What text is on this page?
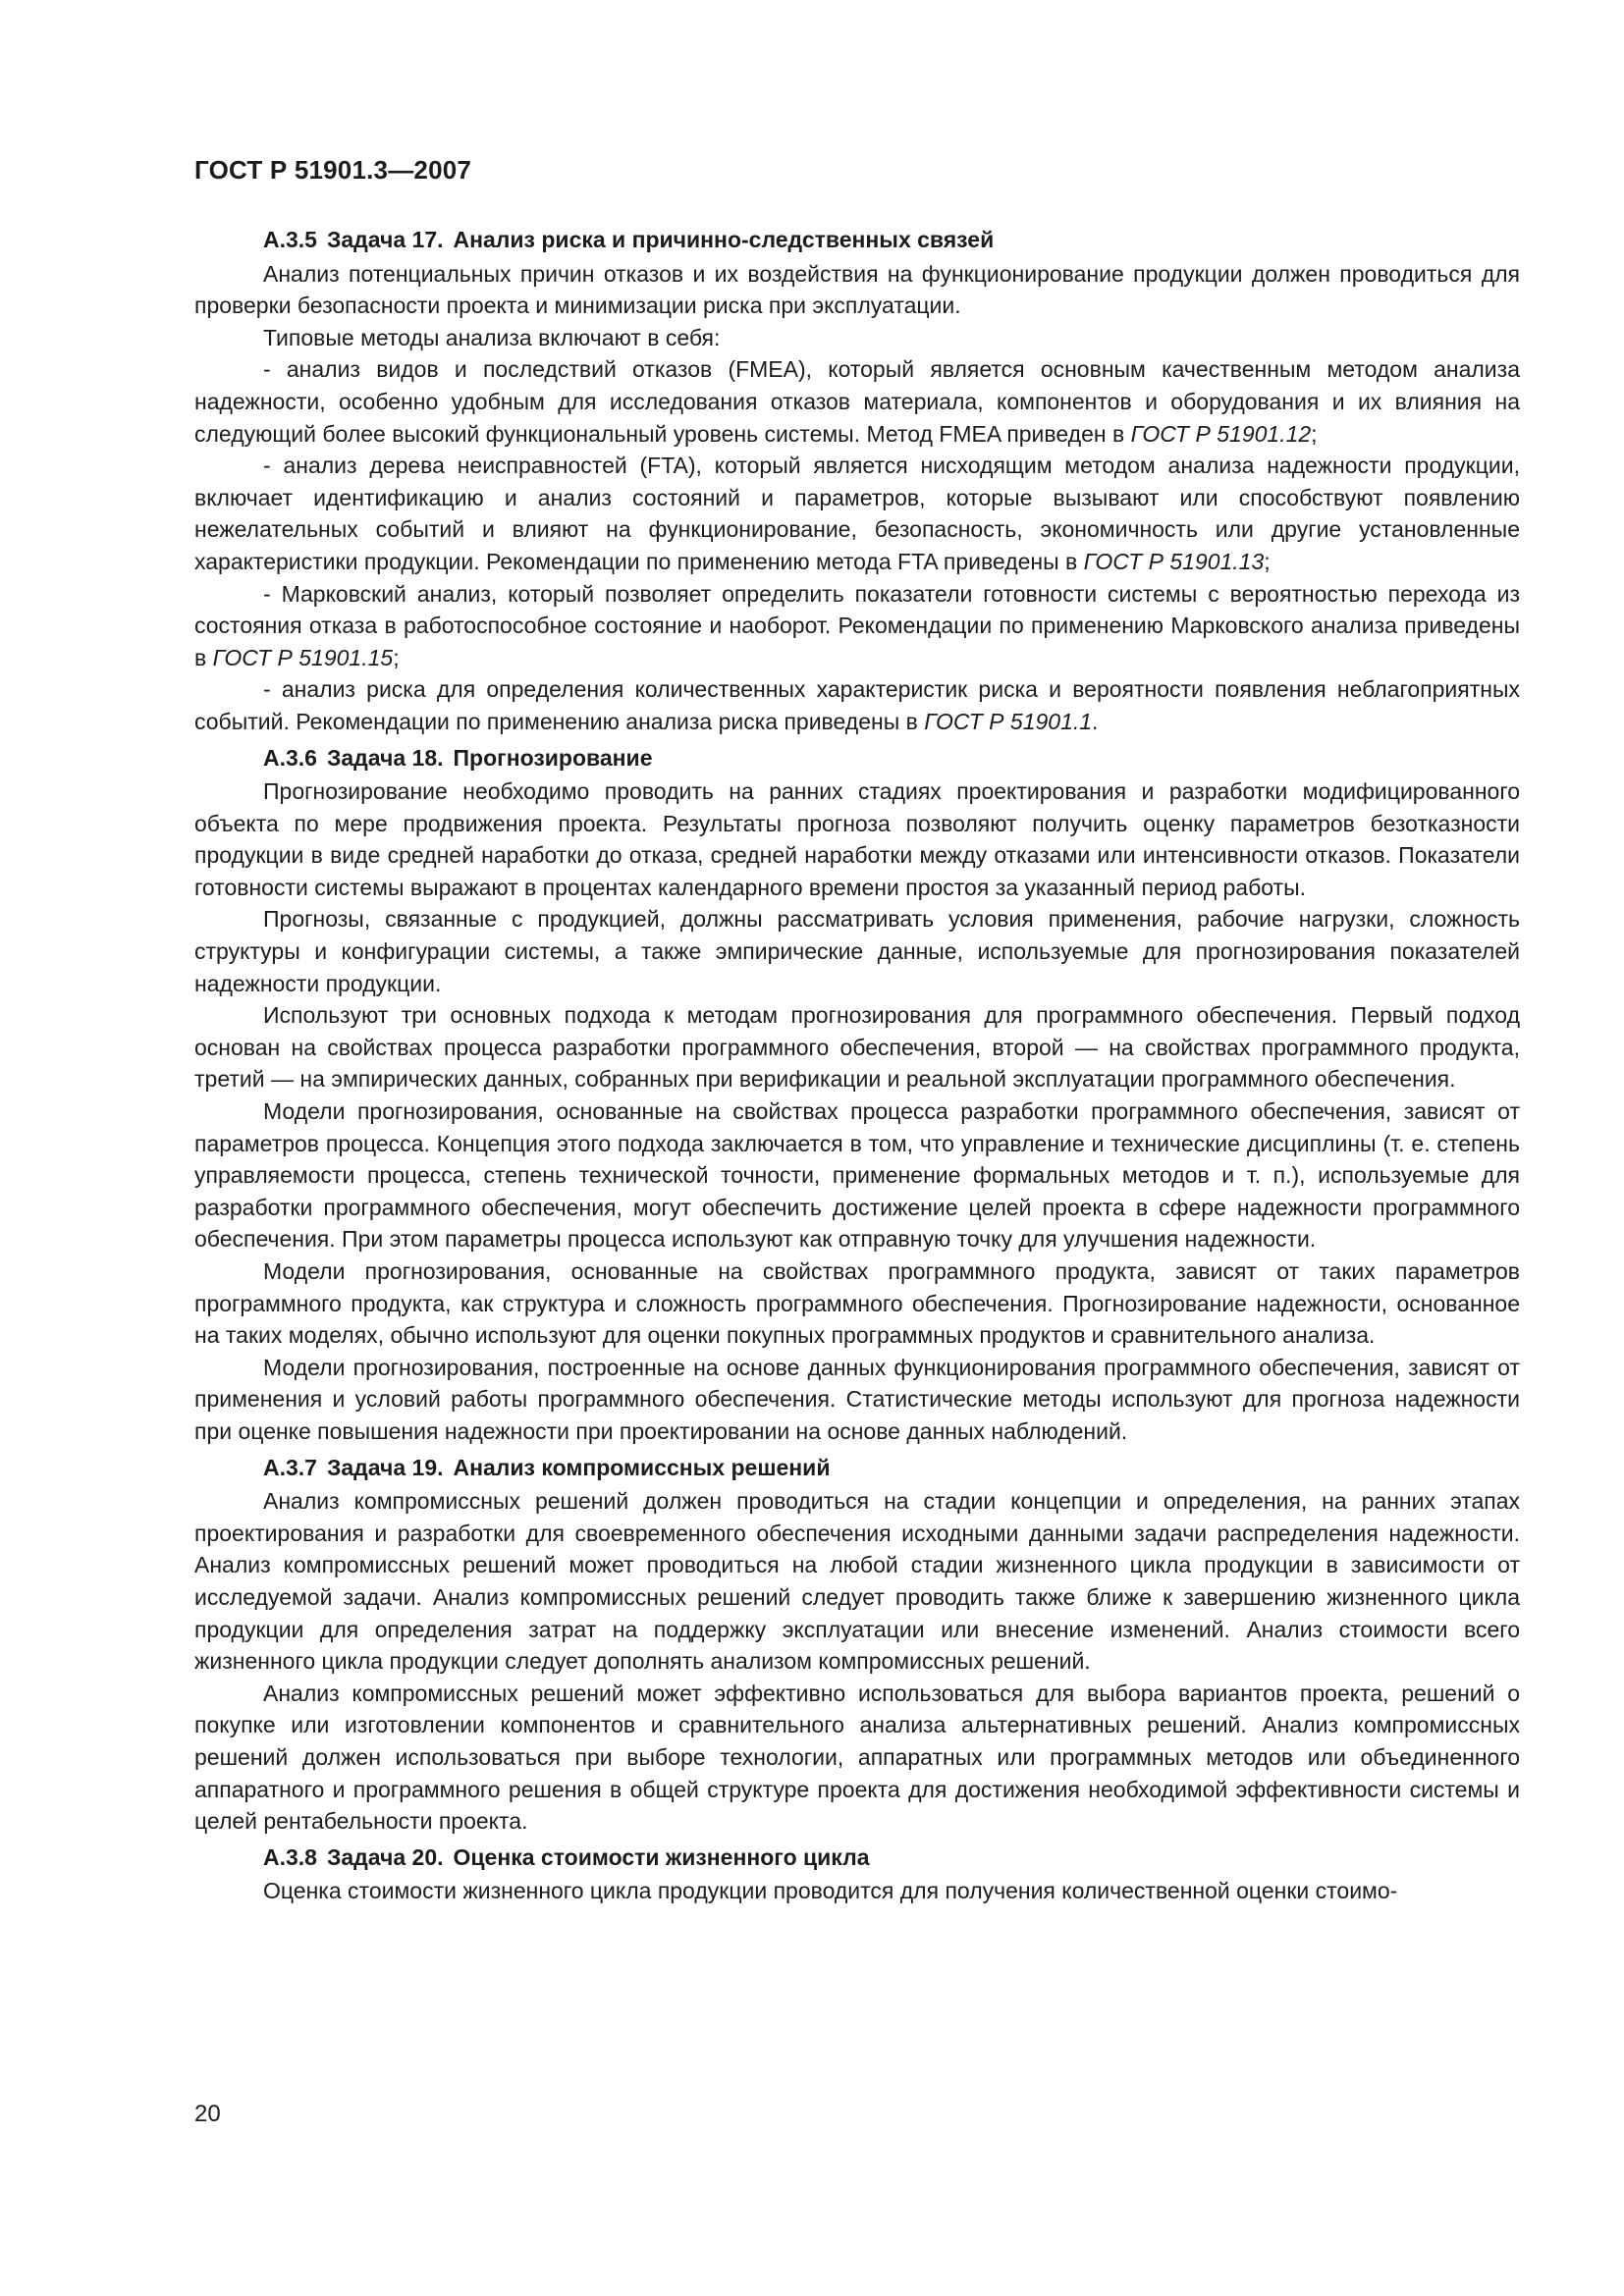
ГОСТ Р 51901.3—2007
А.3.5 Задача 17. Анализ риска и причинно-следственных связей

Анализ потенциальных причин отказов и их воздействия на функционирование продукции должен проводиться для проверки безопасности проекта и минимизации риска при эксплуатации.

Типовые методы анализа включают в себя:

- анализ видов и последствий отказов (FMEA), который является основным качественным методом анализа надежности, особенно удобным для исследования отказов материала, компонентов и оборудования и их влияния на следующий более высокий функциональный уровень системы. Метод FMEA приведен в ГОСТ Р 51901.12;

- анализ дерева неисправностей (FTA), который является нисходящим методом анализа надежности продукции, включает идентификацию и анализ состояний и параметров, которые вызывают или способствуют появлению нежелательных событий и влияют на функционирование, безопасность, экономичность или другие установленные характеристики продукции. Рекомендации по применению метода FTA приведены в ГОСТ Р 51901.13;

- Марковский анализ, который позволяет определить показатели готовности системы с вероятностью перехода из состояния отказа в работоспособное состояние и наоборот. Рекомендации по применению Марковского анализа приведены в ГОСТ Р 51901.15;

- анализ риска для определения количественных характеристик риска и вероятности появления неблагоприятных событий. Рекомендации по применению анализа риска приведены в ГОСТ Р 51901.1.

А.3.6 Задача 18. Прогнозирование

Прогнозирование необходимо проводить на ранних стадиях проектирования и разработки модифицированного объекта по мере продвижения проекта. Результаты прогноза позволяют получить оценку параметров безотказности продукции в виде средней наработки до отказа, средней наработки между отказами или интенсивности отказов. Показатели готовности системы выражают в процентах календарного времени простоя за указанный период работы.

Прогнозы, связанные с продукцией, должны рассматривать условия применения, рабочие нагрузки, сложность структуры и конфигурации системы, а также эмпирические данные, используемые для прогнозирования показателей надежности продукции.

Используют три основных подхода к методам прогнозирования для программного обеспечения. Первый подход основан на свойствах процесса разработки программного обеспечения, второй — на свойствах программного продукта, третий — на эмпирических данных, собранных при верификации и реальной эксплуатации программного обеспечения.

Модели прогнозирования, основанные на свойствах процесса разработки программного обеспечения, зависят от параметров процесса. Концепция этого подхода заключается в том, что управление и технические дисциплины (т. е. степень управляемости процесса, степень технической точности, применение формальных методов и т. п.), используемые для разработки программного обеспечения, могут обеспечить достижение целей проекта в сфере надежности программного обеспечения. При этом параметры процесса используют как отправную точку для улучшения надежности.

Модели прогнозирования, основанные на свойствах программного продукта, зависят от таких параметров программного продукта, как структура и сложность программного обеспечения. Прогнозирование надежности, основанное на таких моделях, обычно используют для оценки покупных программных продуктов и сравнительного анализа.

Модели прогнозирования, построенные на основе данных функционирования программного обеспечения, зависят от применения и условий работы программного обеспечения. Статистические методы используют для прогноза надежности при оценке повышения надежности при проектировании на основе данных наблюдений.

А.3.7 Задача 19. Анализ компромиссных решений

Анализ компромиссных решений должен проводиться на стадии концепции и определения, на ранних этапах проектирования и разработки для своевременного обеспечения исходными данными задачи распределения надежности. Анализ компромиссных решений может проводиться на любой стадии жизненного цикла продукции в зависимости от исследуемой задачи. Анализ компромиссных решений следует проводить также ближе к завершению жизненного цикла продукции для определения затрат на поддержку эксплуатации или внесение изменений. Анализ стоимости всего жизненного цикла продукции следует дополнять анализом компромиссных решений.

Анализ компромиссных решений может эффективно использоваться для выбора вариантов проекта, решений о покупке или изготовлении компонентов и сравнительного анализа альтернативных решений. Анализ компромиссных решений должен использоваться при выборе технологии, аппаратных или программных методов или объединенного аппаратного и программного решения в общей структуре проекта для достижения необходимой эффективности системы и целей рентабельности проекта.

А.3.8 Задача 20. Оценка стоимости жизненного цикла

Оценка стоимости жизненного цикла продукции проводится для получения количественной оценки стоимо-

20
